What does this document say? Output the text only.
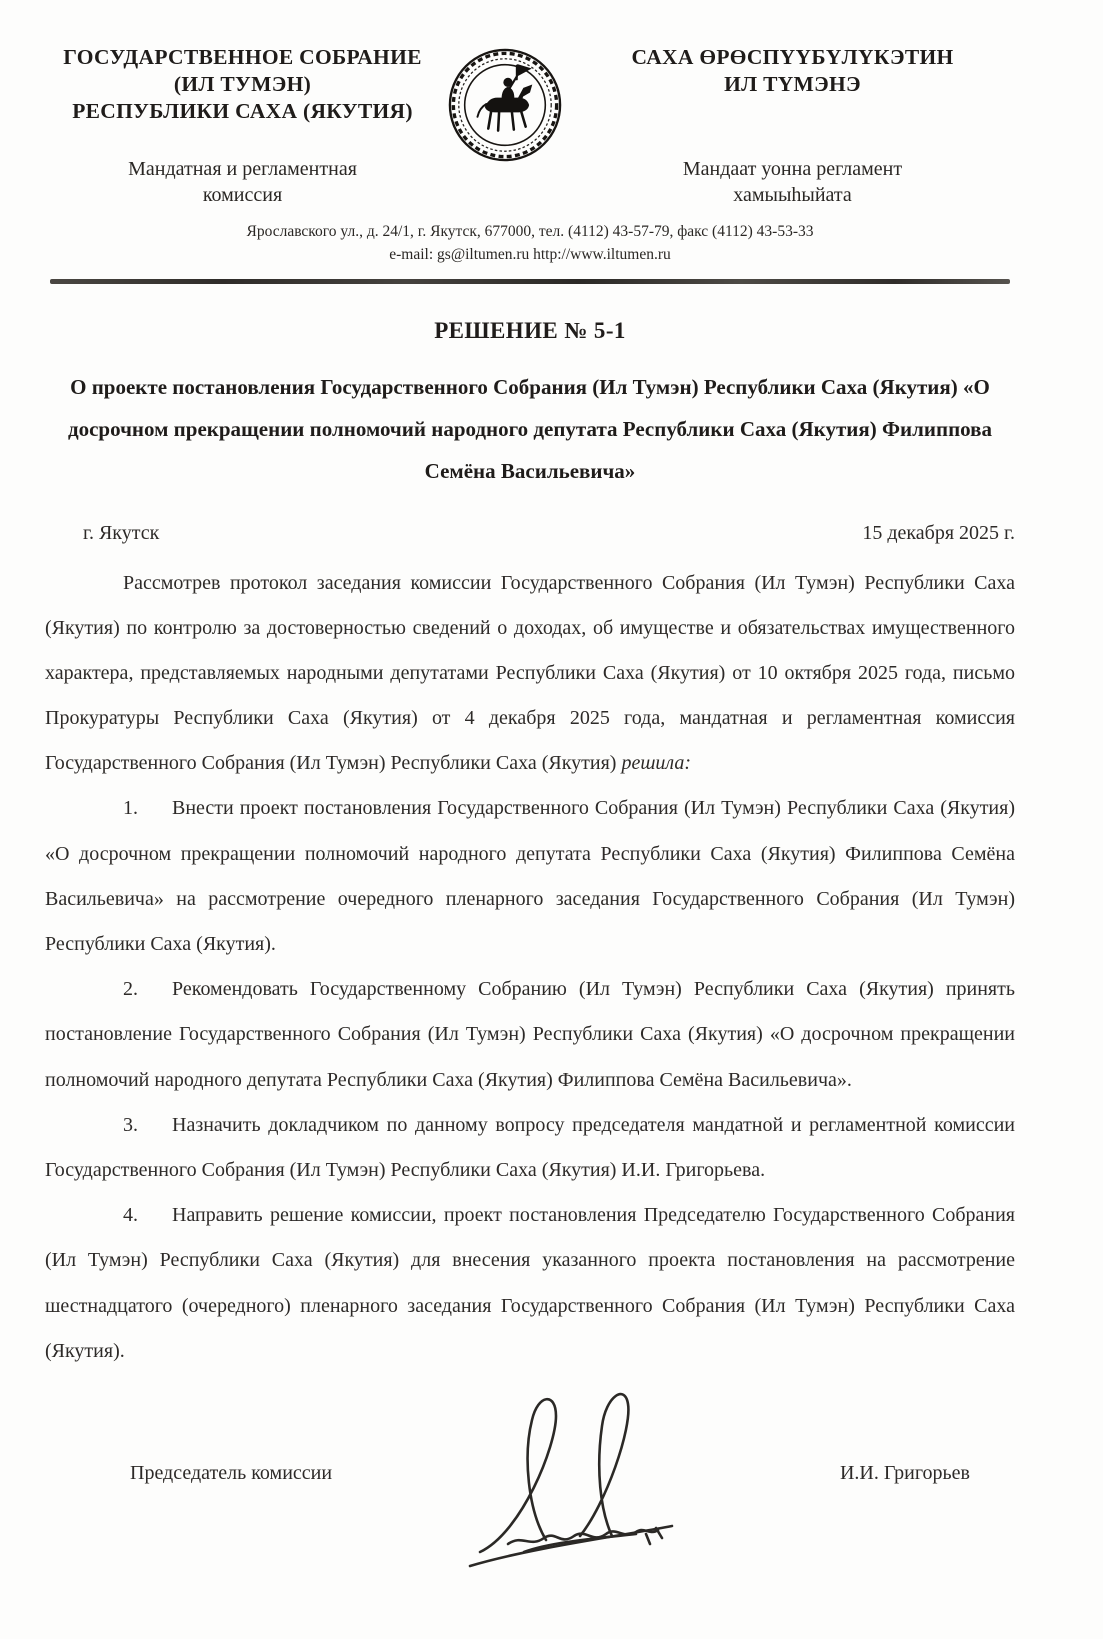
ГОСУДАРСТВЕННОЕ СОБРАНИЕ
(ИЛ ТУМЭН)
РЕСПУБЛИКИ САХА (ЯКУТИЯ)
Мандатная и регламентная
комиссия
САХА ӨРӨСПҮҮБҮЛҮКЭТИН
ИЛ ТҮМЭНЭ
Мандаат уонна регламент
хамыыһыйата
Ярославского ул., д. 24/1, г. Якутск, 677000, тел. (4112) 43-57-79, факс (4112) 43-53-33
e-mail: gs@iltumen.ru http://www.iltumen.ru
РЕШЕНИЕ № 5-1
О проекте постановления Государственного Собрания (Ил Тумэн) Республики Саха (Якутия) «О досрочном прекращении полномочий народного депутата Республики Саха (Якутия) Филиппова Семёна Васильевича»
г. Якутск	15 декабря 2025 г.

Рассмотрев протокол заседания комиссии Государственного Собрания (Ил Тумэн) Республики Саха (Якутия) по контролю за достоверностью сведений о доходах, об имуществе и обязательствах имущественного характера, представляемых народными депутатами Республики Саха (Якутия) от 10 октября 2025 года, письмо Прокуратуры Республики Саха (Якутия) от 4 декабря 2025 года, мандатная и регламентная комиссия Государственного Собрания (Ил Тумэн) Республики Саха (Якутия) решила:

1. Внести проект постановления Государственного Собрания (Ил Тумэн) Республики Саха (Якутия) «О досрочном прекращении полномочий народного депутата Республики Саха (Якутия) Филиппова Семёна Васильевича» на рассмотрение очередного пленарного заседания Государственного Собрания (Ил Тумэн) Республики Саха (Якутия).

2. Рекомендовать Государственному Собранию (Ил Тумэн) Республики Саха (Якутия) принять постановление Государственного Собрания (Ил Тумэн) Республики Саха (Якутия) «О досрочном прекращении полномочий народного депутата Республики Саха (Якутия) Филиппова Семёна Васильевича».

3. Назначить докладчиком по данному вопросу председателя мандатной и регламентной комиссии Государственного Собрания (Ил Тумэн) Республики Саха (Якутия) И.И. Григорьева.

4. Направить решение комиссии, проект постановления Председателю Государственного Собрания (Ил Тумэн) Республики Саха (Якутия) для внесения указанного проекта постановления на рассмотрение шестнадцатого (очередного) пленарного заседания Государственного Собрания (Ил Тумэн) Республики Саха (Якутия).

Председатель комиссии	И.И. Григорьев
